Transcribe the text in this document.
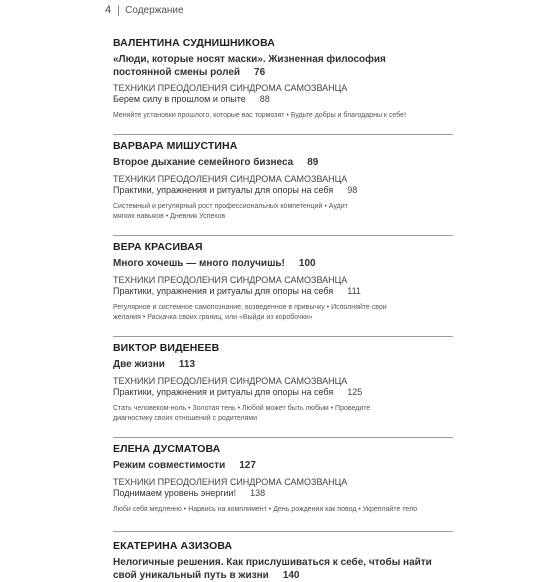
4 Содержание
ВАЛЕНТИНА СУДНИШНИКОВА
«Люди, которые носят маски». Жизненная философия постоянной смены ролей 76
ТЕХНИКИ ПРЕОДОЛЕНИЯ СИНДРОМА САМОЗВАНЦА
Берем силу в прошлом и опыте 88
Меняйте установки прошлого, которые вас тормозят • Будьте добры и благодарны к себе!
ВАРВАРА МИШУСТИНА
Второе дыхание семейного бизнеса 89
ТЕХНИКИ ПРЕОДОЛЕНИЯ СИНДРОМА САМОЗВАНЦА
Практики, упражнения и ритуалы для опоры на себя 98
Системный и регулярный рост профессиональных компетенций • Аудит мягких навыков • Дневник Успехов
ВЕРА КРАСИВАЯ
Много хочешь — много получишь! 100
ТЕХНИКИ ПРЕОДОЛЕНИЯ СИНДРОМА САМОЗВАНЦА
Практики, упражнения и ритуалы для опоры на себя 111
Регулярное и системное самопознание, возведенное в привычку • Исполняйте свои желания • Раскачка своих границ, или «Выйди из коробочки»
ВИКТОР ВИДЕНЕЕВ
Две жизни 113
ТЕХНИКИ ПРЕОДОЛЕНИЯ СИНДРОМА САМОЗВАНЦА
Практики, упражнения и ритуалы для опоры на себя 125
Стать человеком-ноль • Золотая тень • Любой может быть любым • Проведите диагностику своих отношений с родителями
ЕЛЕНА ДУСМАТОВА
Режим совместимости 127
ТЕХНИКИ ПРЕОДОЛЕНИЯ СИНДРОМА САМОЗВАНЦА
Поднимаем уровень энергии! 138
Люби себя медленно • Нарвись на комплимент • День рождения как повод • Укрепляйте тело
ЕКАТЕРИНА АЗИЗОВА
Нелогичные решения. Как прислушиваться к себе, чтобы найти свой уникальный путь в жизни 140
